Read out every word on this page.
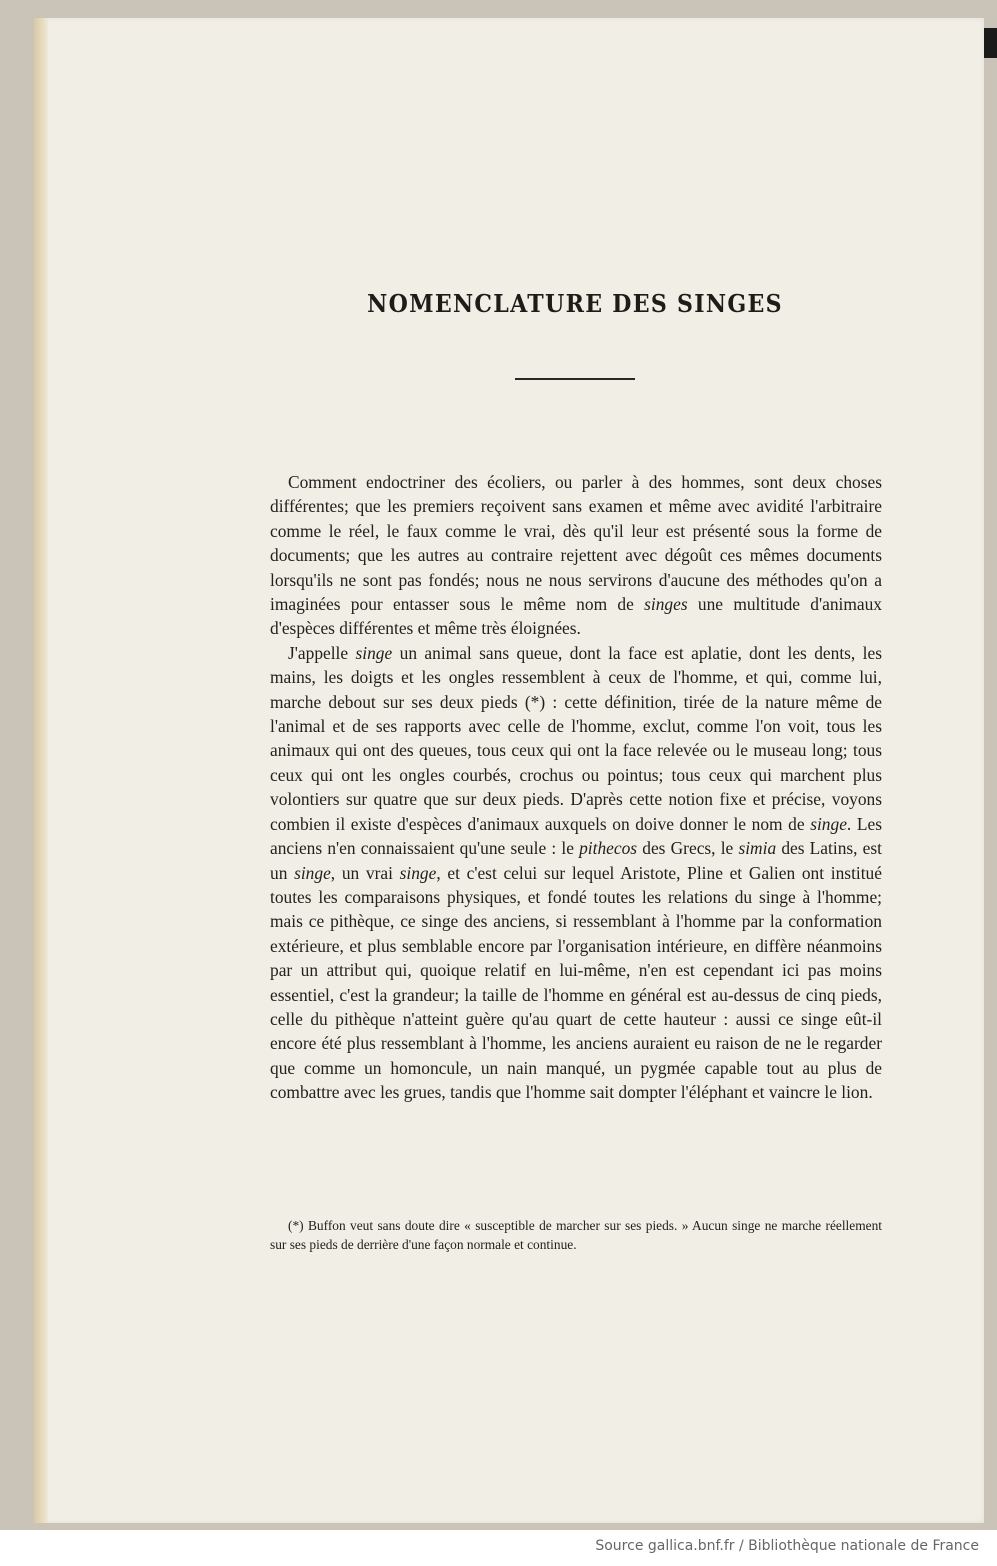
NOMENCLATURE DES SINGES

Comment endoctriner des écoliers, ou parler à des hommes, sont deux choses différentes; que les premiers reçoivent sans examen et même avec avidité l'arbitraire comme le réel, le faux comme le vrai, dès qu'il leur est présenté sous la forme de documents; que les autres au contraire rejettent avec dégoût ces mêmes documents lorsqu'ils ne sont pas fondés; nous ne nous servirons d'aucune des méthodes qu'on a imaginées pour entasser sous le même nom de singes une multitude d'animaux d'espèces différentes et même très éloignées.

J'appelle singe un animal sans queue, dont la face est aplatie, dont les dents, les mains, les doigts et les ongles ressemblent à ceux de l'homme, et qui, comme lui, marche debout sur ses deux pieds (*) : cette définition, tirée de la nature même de l'animal et de ses rapports avec celle de l'homme, exclut, comme l'on voit, tous les animaux qui ont des queues, tous ceux qui ont la face relevée ou le museau long; tous ceux qui ont les ongles courbés, crochus ou pointus; tous ceux qui marchent plus volontiers sur quatre que sur deux pieds. D'après cette notion fixe et précise, voyons combien il existe d'espèces d'animaux auxquels on doive donner le nom de singe. Les anciens n'en connaissaient qu'une seule : le pithecos des Grecs, le simia des Latins, est un singe, un vrai singe, et c'est celui sur lequel Aristote, Pline et Galien ont institué toutes les comparaisons physiques, et fondé toutes les relations du singe à l'homme; mais ce pithèque, ce singe des anciens, si ressemblant à l'homme par la conformation extérieure, et plus semblable encore par l'organisation intérieure, en diffère néanmoins par un attribut qui, quoique relatif en lui-même, n'en est cependant ici pas moins essentiel, c'est la grandeur; la taille de l'homme en général est au-dessus de cinq pieds, celle du pithèque n'atteint guère qu'au quart de cette hauteur : aussi ce singe eût-il encore été plus ressemblant à l'homme, les anciens auraient eu raison de ne le regarder que comme un homoncule, un nain manqué, un pygmée capable tout au plus de combattre avec les grues, tandis que l'homme sait dompter l'éléphant et vaincre le lion.

(*) Buffon veut sans doute dire « susceptible de marcher sur ses pieds. » Aucun singe ne marche réellement sur ses pieds de derrière d'une façon normale et continue.

Source gallica.bnf.fr / Bibliothèque nationale de France
